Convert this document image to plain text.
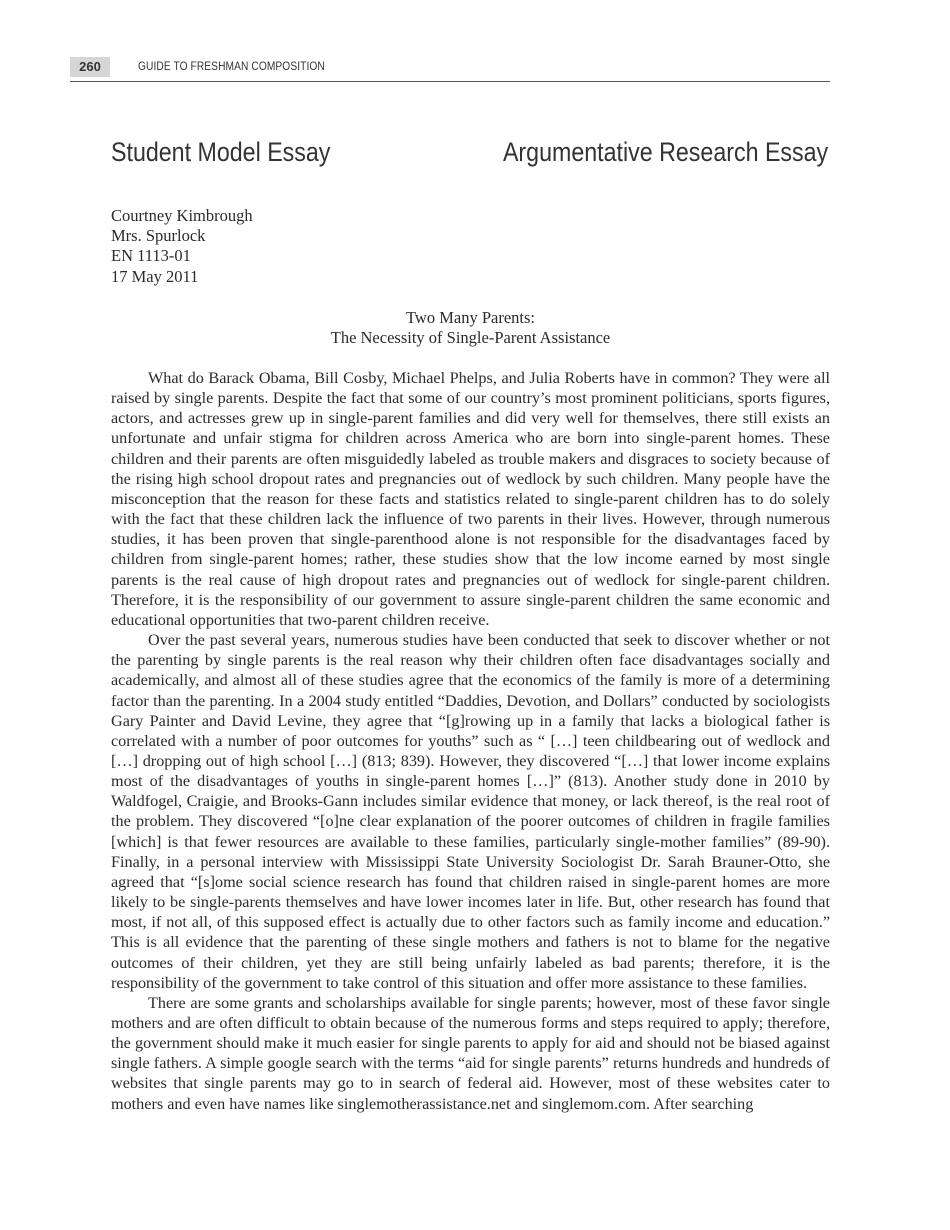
260	GUIDE TO FRESHMAN COMPOSITION
Student Model Essay	Argumentative Research Essay
Courtney Kimbrough
Mrs. Spurlock
EN 1113-01
17 May 2011
Two Many Parents:
The Necessity of Single-Parent Assistance

What do Barack Obama, Bill Cosby, Michael Phelps, and Julia Roberts have in common? They were all raised by single parents. Despite the fact that some of our country’s most prominent politicians, sports figures, actors, and actresses grew up in single-parent families and did very well for themselves, there still exists an unfortunate and unfair stigma for children across America who are born into single-parent homes. These children and their parents are often misguidedly labeled as trouble makers and disgraces to society because of the rising high school dropout rates and pregnancies out of wedlock by such children. Many people have the misconception that the reason for these facts and statistics related to single-parent children has to do solely with the fact that these children lack the influence of two parents in their lives. However, through numerous studies, it has been proven that single-parenthood alone is not responsible for the disadvantages faced by children from single-parent homes; rather, these studies show that the low income earned by most single parents is the real cause of high dropout rates and pregnancies out of wedlock for single-parent children. Therefore, it is the responsibility of our government to assure single-parent children the same economic and educational opportunities that two-parent children receive.

Over the past several years, numerous studies have been conducted that seek to discover whether or not the parenting by single parents is the real reason why their children often face disadvantages socially and academically, and almost all of these studies agree that the economics of the family is more of a determining factor than the parenting. In a 2004 study entitled “Daddies, Devotion, and Dollars” conducted by sociologists Gary Painter and David Levine, they agree that “[g]rowing up in a family that lacks a biological father is correlated with a number of poor outcomes for youths” such as “ […] teen childbearing out of wedlock and […] dropping out of high school […] (813; 839). However, they discovered “[…] that lower income explains most of the disadvantages of youths in single-parent homes […]” (813). Another study done in 2010 by Waldfogel, Craigie, and Brooks-Gann includes similar evidence that money, or lack thereof, is the real root of the problem. They discovered “[o]ne clear explanation of the poorer outcomes of children in fragile families [which] is that fewer resources are available to these families, particularly single-mother families” (89-90). Finally, in a personal interview with Mississippi State University Sociologist Dr. Sarah Brauner-Otto, she agreed that “[s]ome social science research has found that children raised in single-parent homes are more likely to be single-parents themselves and have lower incomes later in life. But, other research has found that most, if not all, of this supposed effect is actually due to other factors such as family income and education.” This is all evidence that the parenting of these single mothers and fathers is not to blame for the negative outcomes of their children, yet they are still being unfairly labeled as bad parents; therefore, it is the responsibility of the government to take control of this situation and offer more assistance to these families.

There are some grants and scholarships available for single parents; however, most of these favor single mothers and are often difficult to obtain because of the numerous forms and steps required to apply; therefore, the government should make it much easier for single parents to apply for aid and should not be biased against single fathers. A simple google search with the terms “aid for single parents” returns hundreds and hundreds of websites that single parents may go to in search of federal aid. However, most of these websites cater to mothers and even have names like singlemotherassistance.net and singlemom.com. After searching
